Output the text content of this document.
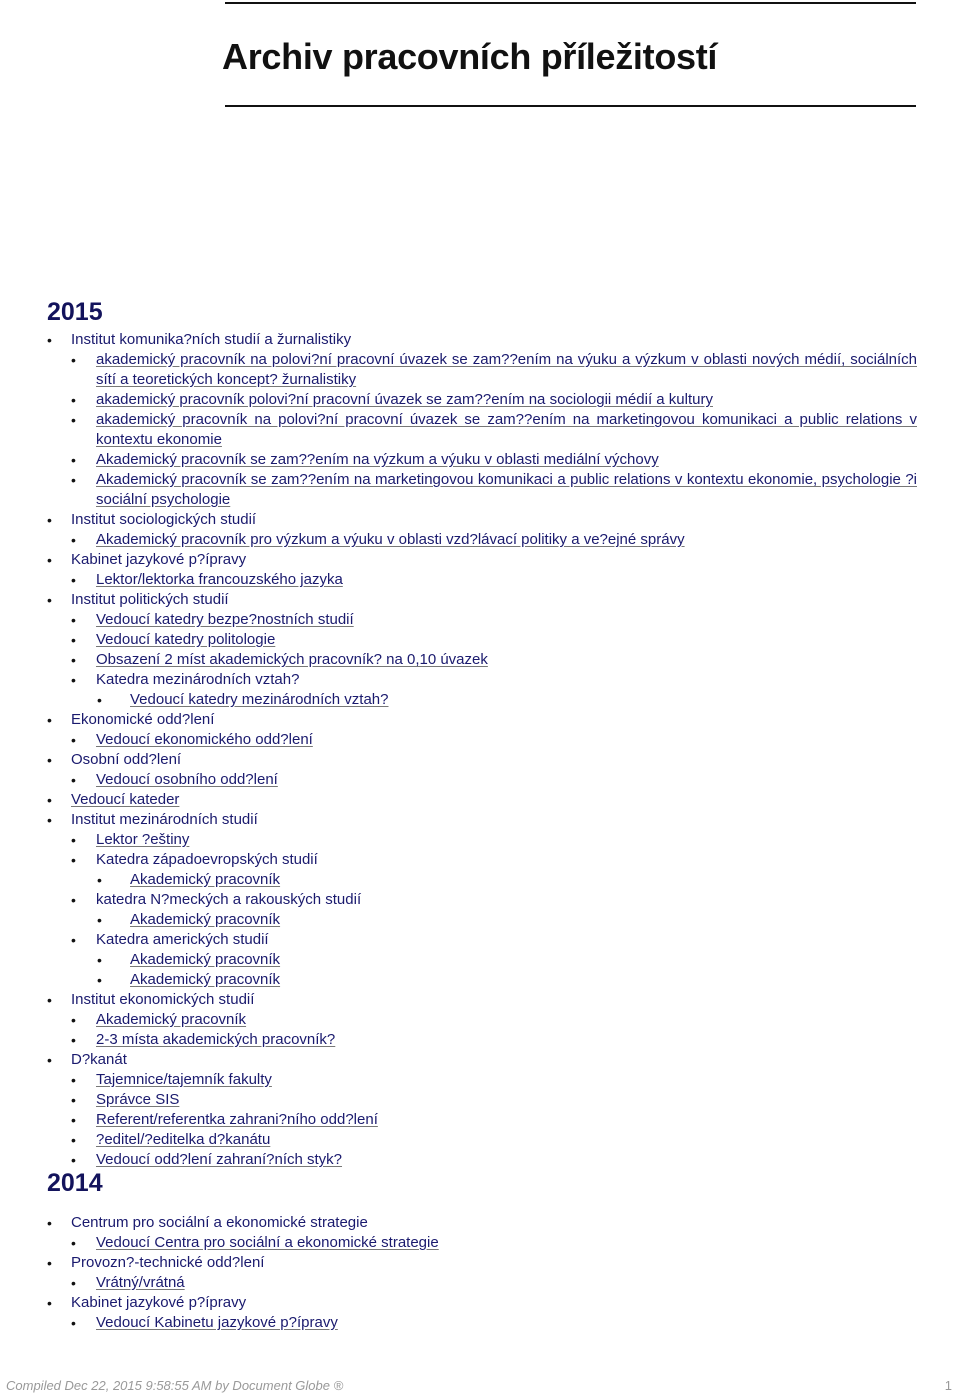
Archiv pracovních příležitostí
2015
•	Institut komunika?ních studií a žurnalistiky
•	akademický pracovník na polovi?ní pracovní úvazek se zam??ením na výuku a výzkum v oblasti nových médií, sociálních sítí a teoretických koncept? žurnalistiky
•	akademický pracovník polovi?ní pracovní úvazek se zam??ením na sociologii médií a kultury
•	akademický pracovník na polovi?ní pracovní úvazek se zam??ením na marketingovou komunikaci a public relations v kontextu ekonomie
•	Akademický pracovník se zam??ením na výzkum a výuku v oblasti mediální výchovy
•	Akademický pracovník se zam??ením na marketingovou komunikaci a public relations v kontextu ekonomie, psychologie ?i sociální psychologie
•	Institut sociologických studií
•	Akademický pracovník pro výzkum a výuku v oblasti vzd?lávací politiky a ve?ejné správy
•	Kabinet jazykové p?ípravy
•	Lektor/lektorka francouzského jazyka
•	Institut politických studií
•	Vedoucí katedry bezpe?nostních studií
•	Vedoucí katedry politologie
•	Obsazení 2 míst akademických pracovník? na 0,10 úvazek
•	Katedra mezinárodních vztah?
•	Vedoucí katedry mezinárodních vztah?
•	Ekonomické odd?lení
•	Vedoucí ekonomického odd?lení
•	Osobní odd?lení
•	Vedoucí osobního odd?lení
•	Vedoucí kateder
•	Institut mezinárodních studií
•	Lektor ?eštiny
•	Katedra západoevropských studií
•	Akademický pracovník
•	katedra N?meckých a rakouských studií
•	Akademický pracovník
•	Katedra amerických studií
•	Akademický pracovník
•	Akademický pracovník
•	Institut ekonomických studií
•	Akademický pracovník
•	2-3 místa akademických pracovník?
•	D?kanát
•	Tajemnice/tajemník fakulty
•	Správce SIS
•	Referent/referentka zahrani?ního odd?lení
•	?editel/?editelka d?kanátu
•	Vedoucí odd?lení zahraní?ních styk?
2014
•	Centrum pro sociální a ekonomické strategie
•	Vedoucí Centra pro sociální a ekonomické strategie
•	Provozn?-technické odd?lení
•	Vrátný/vrátná
•	Kabinet jazykové p?ípravy
•	Vedoucí Kabinetu jazykové p?ípravy
Compiled Dec 22, 2015 9:58:55 AM by Document Globe ®	1
